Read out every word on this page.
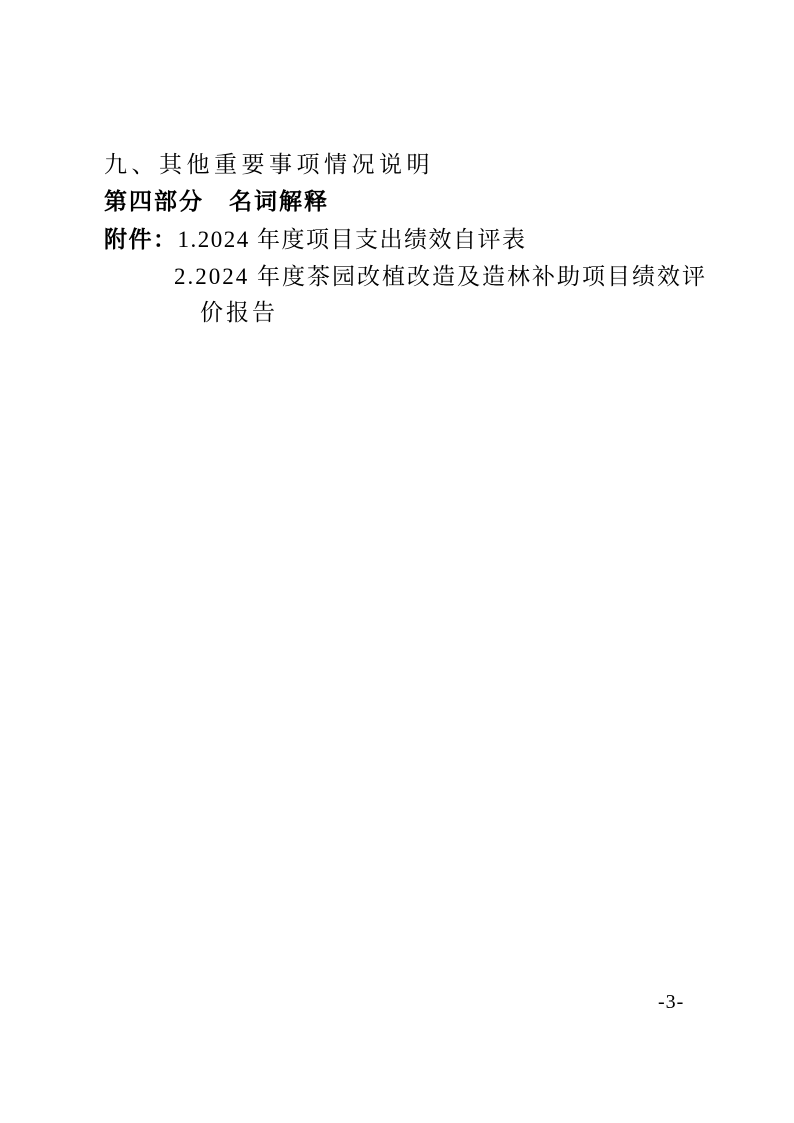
九、其他重要事项情况说明
第四部分　名词解释
附件：1.2024 年度项目支出绩效自评表
2.2024 年度茶园改植改造及造林补助项目绩效评
价报告
-3-
